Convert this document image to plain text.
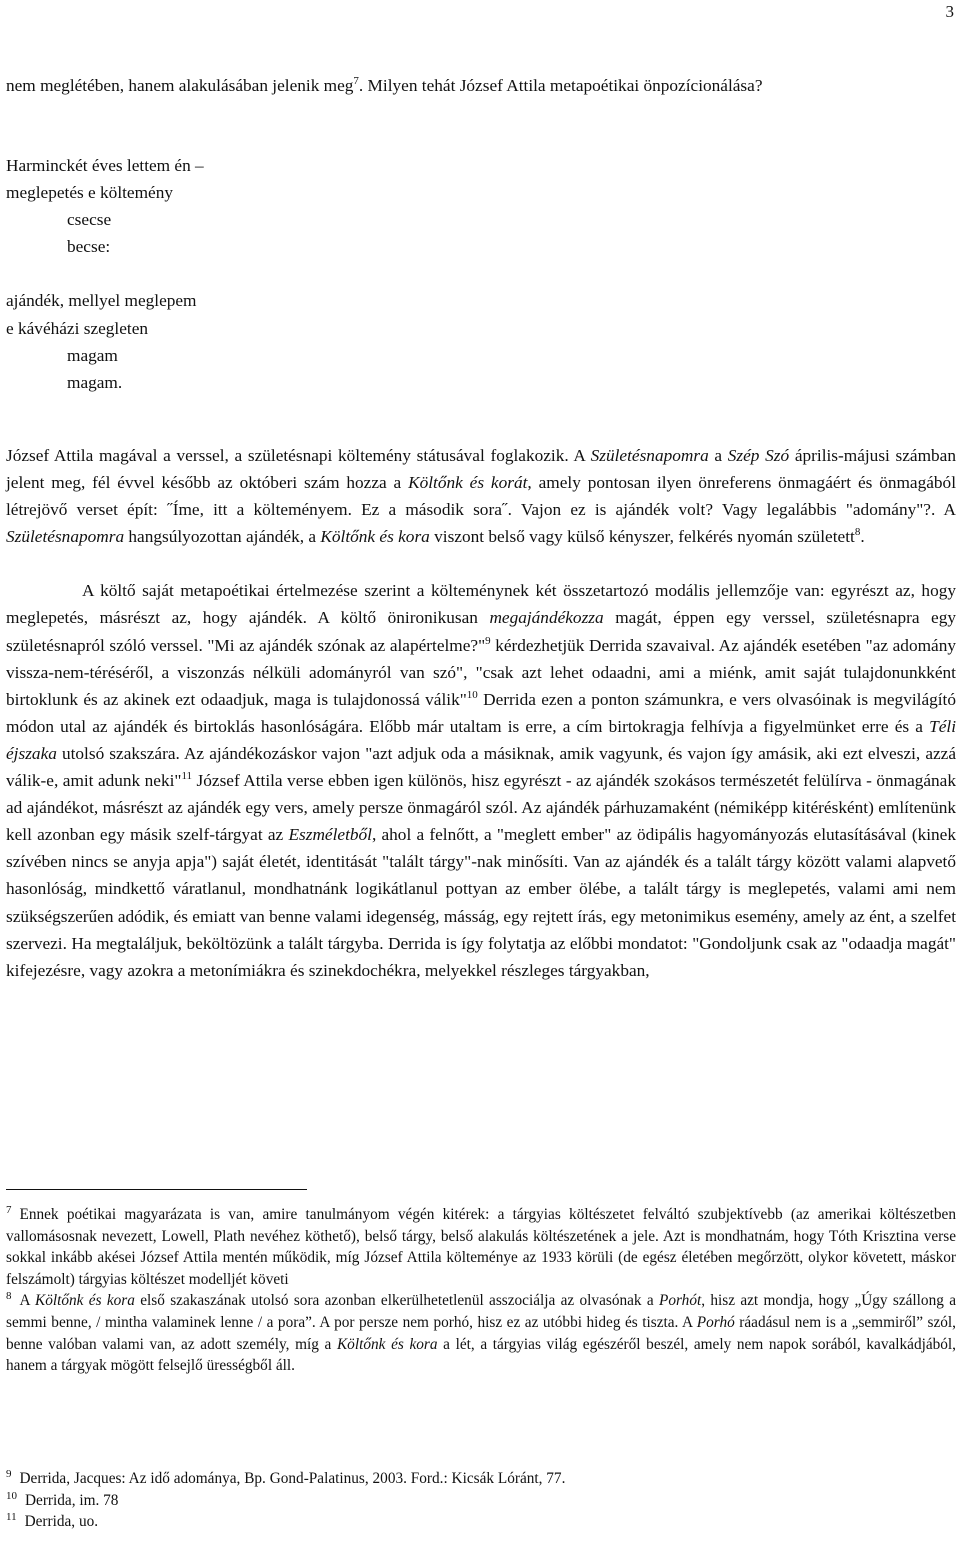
3

nem meglétében, hanem alakulásában jelenik meg$^7$. Milyen tehát József Attila metapoétikai önpozícionálása?

Harminckét éves lettem én –
meglepetés e költemény
csecse
becse:
ajándék, mellyel meglepem
e kávéházi szegleten
magam
magam.

József Attila magával a verssel, a születésnapi költemény státusával foglakozik. A Születésnapomra a Szép Szó április-májusi számban jelent meg, fél évvel később az októberi szám hozza a Költőnk és korát, amely pontosan ilyen önreferens önmagáért és önmagából létrejövő verset épít: ˝Íme, itt a költeményem. Ez a második sora˝. Vajon ez is ajándék volt? Vagy legalábbis "adomány"?. A Születésnapomra hangsúlyozottan ajándék, a Költőnk és kora viszont belső vagy külső kényszer, felkérés nyomán született$^8$.

A költő saját metapoétikai értelmezése szerint a költeménynek két összetartozó modális jellemzője van: egyrészt az, hogy meglepetés, másrészt az, hogy ajándék. A költő önironikusan megajándékozza magát, éppen egy verssel, születésnapra egy születésnapról szóló verssel. "Mi az ajándék szónak az alapértelme?"$^9$ kérdezhetjük Derrida szavaival. Az ajándék esetében "az adomány vissza-nem-téréséről, a viszonzás nélküli adományról van szó", "csak azt lehet odaadni, ami a miénk, amit saját tulajdonunkként birtoklunk és az akinek ezt odaadjuk, maga is tulajdonossá válik"$^{10}$ Derrida ezen a ponton számunkra, e vers olvasóinak is megvilágító módon utal az ajándék és birtoklás hasonlóságára. Előbb már utaltam is erre, a cím birtokragja felhívja a figyelmünket erre és a Téli éjszaka utolsó szakszára. Az ajándékozáskor vajon "azt adjuk oda a másiknak, amik vagyunk, és vajon így amásik, aki ezt elveszi, azzá válik-e, amit adunk neki"$^{11}$ József Attila verse ebben igen különös, hisz egyrészt - az ajándék szokásos természetét felülírva - önmagának ad ajándékot, másrészt az ajándék egy vers, amely persze önmagáról szól. Az ajándék párhuzamaként (némiképp kitérésként) említenünk kell azonban egy másik szelf-tárgyat az Eszméletből, ahol a felnőtt, a "meglett ember" az ödipális hagyományozás elutasításával (kinek szívében nincs se anyja apja") saját életét, identitását "talált tárgy"-nak minősíti. Van az ajándék és a talált tárgy között valami alapvető hasonlóság, mindkettő váratlanul, mondhatnánk logikátlanul pottyan az ember ölébe, a talált tárgy is meglepetés, valami ami nem szükségszerűen adódik, és emiatt van benne valami idegenség, másság, egy rejtett írás, egy metonimikus esemény, amely az ént, a szelfet szervezi. Ha megtaláljuk, beköltözünk a talált tárgyba. Derrida is így folytatja az előbbi mondatot: "Gondoljunk csak az "odaadja magát" kifejezésre, vagy azokra a metonímiákra és szinekdochékra, melyekkel részleges tárgyakban,

$^7$ Ennek poétikai magyarázata is van, amire tanulmányom végén kitérek: a tárgyias költészetet felváltó szubjektívebb (az amerikai költészetben vallomásosnak nevezett, Lowell, Plath nevéhez köthető), belső tárgy, belső alakulás költészetének a jele. Azt is mondhatnám, hogy Tóth Krisztina verse sokkal inkább akései József Attila mentén működik, míg József Attila költeménye az 1933 körüli (de egész életében megőrzött, olykor követett, máskor felszámolt) tárgyias költészet modelljét követi

$^8$ A Költőnk és kora első szakaszának utolsó sora azonban elkerülhetetlenül asszociálja az olvasónak a Porhót, hisz azt mondja, hogy „Úgy szállong a semmi benne, / mintha valaminek lenne / a pora”. A por persze nem porhó, hisz ez az utóbbi hideg és tiszta. A Porhó ráadásul nem is a „semmiről” szól, benne valóban valami van, az adott személy, míg a Költőnk és kora a lét, a tárgyias világ egészéről beszél, amely nem napok sorából, kavalkádjából, hanem a tárgyak mögött felsejlő ürességből áll.

$^9$ Derrida, Jacques: Az idő adománya, Bp. Gond-Palatinus, 2003. Ford.: Kicsák Lóránt, 77.

$^{10}$ Derrida, im. 78

$^{11}$ Derrida, uo.
